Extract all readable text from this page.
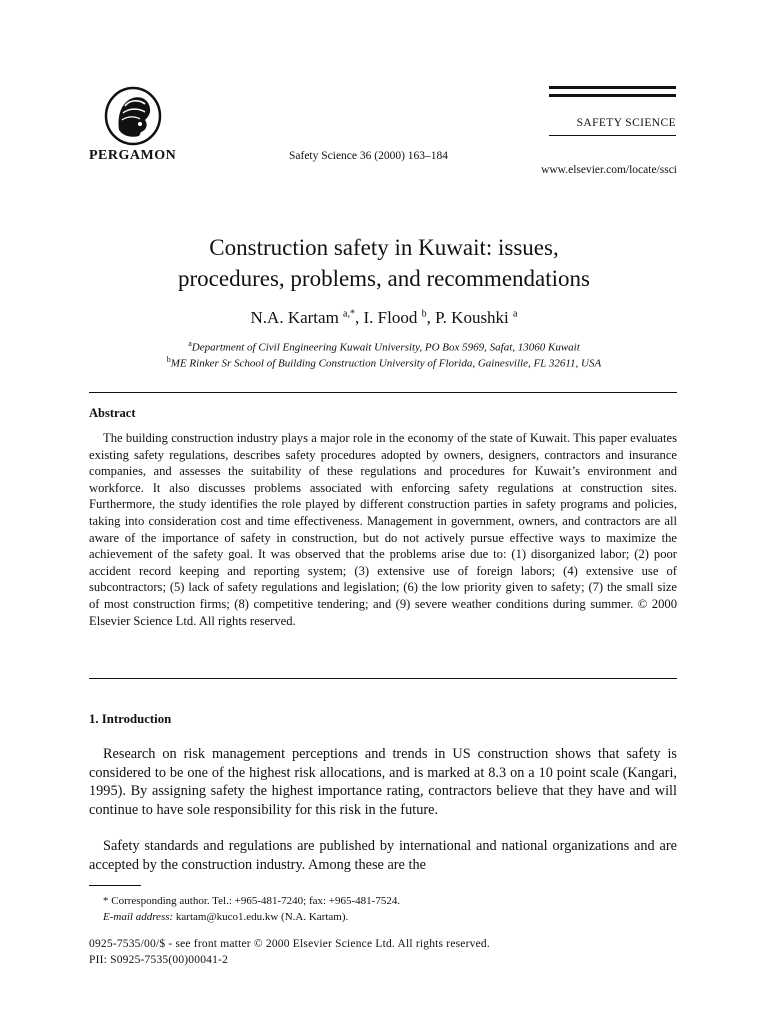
PERGAMON	Safety Science 36 (2000) 163–184
SAFETY SCIENCE
www.elsevier.com/locate/ssci
Construction safety in Kuwait: issues,
procedures, problems, and recommendations
N.A. Kartam $^{a,*}$, I. Flood $^b$, P. Koushki $^a$
$^a$Department of Civil Engineering Kuwait University, PO Box 5969, Safat, 13060 Kuwait
$^b$ME Rinker Sr School of Building Construction University of Florida, Gainesville, FL 32611, USA
Abstract

The building construction industry plays a major role in the economy of the state of Kuwait. This paper evaluates existing safety regulations, describes safety procedures adopted by owners, designers, contractors and insurance companies, and assesses the suitability of these regulations and procedures for Kuwait’s environment and workforce. It also discusses problems associated with enforcing safety regulations at construction sites. Furthermore, the study identifies the role played by different construction parties in safety programs and policies, taking into consideration cost and time effectiveness. Management in government, owners, and contractors are all aware of the importance of safety in construction, but do not actively pursue effective ways to maximize the achievement of the safety goal. It was observed that the problems arise due to: (1) disorganized labor; (2) poor accident record keeping and reporting system; (3) extensive use of foreign labors; (4) extensive use of subcontractors; (5) lack of safety regulations and legislation; (6) the low priority given to safety; (7) the small size of most construction firms; (8) competitive tendering; and (9) severe weather conditions during summer. © 2000 Elsevier Science Ltd. All rights reserved.

1. Introduction

Research on risk management perceptions and trends in US construction shows that safety is considered to be one of the highest risk allocations, and is marked at 8.3 on a 10 point scale (Kangari, 1995). By assigning safety the highest importance rating, contractors believe that they have and will continue to have sole responsibility for this risk in the future.

Safety standards and regulations are published by international and national organizations and are accepted by the construction industry. Among these are the

* Corresponding author. Tel.: +965-481-7240; fax: +965-481-7524.
E-mail address: kartam@kuco1.edu.kw (N.A. Kartam).
0925-7535/00/$ - see front matter © 2000 Elsevier Science Ltd. All rights reserved.
PII: S0925-7535(00)00041-2
